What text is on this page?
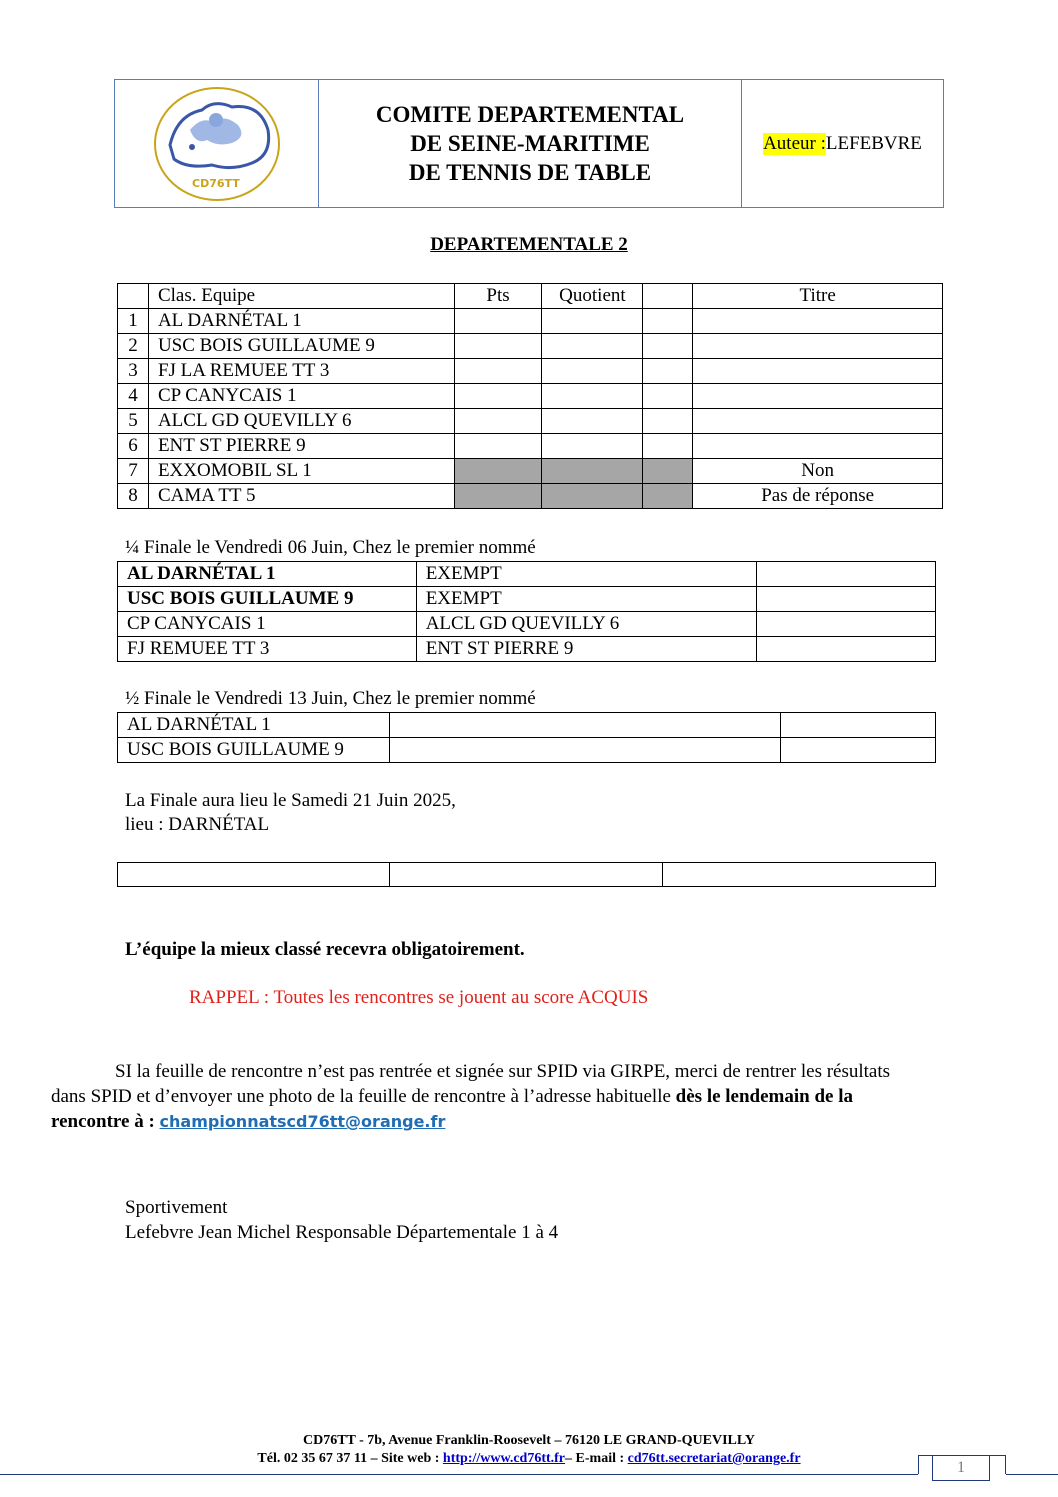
CD76TT
COMITE DEPARTEMENTAL
DE SEINE-MARITIME
DE TENNIS DE TABLE
Auteur : LEFEBVRE
DEPARTEMENTALE 2
	Clas. Equipe	Pts	Quotient		Titre
1	AL DARNÉTAL 1				
2	USC BOIS GUILLAUME 9				
3	FJ LA REMUEE TT 3				
4	CP CANYCAIS 1				
5	ALCL GD QUEVILLY 6				
6	ENT ST PIERRE 9				
7	EXXOMOBIL SL 1				Non
8	CAMA TT 5				Pas de réponse
¼ Finale le Vendredi 06 Juin, Chez le premier nommé
AL DARNÉTAL 1	EXEMPT	
USC BOIS GUILLAUME 9	EXEMPT	
CP CANYCAIS 1	ALCL GD QUEVILLY 6	
FJ REMUEE TT 3	ENT ST PIERRE 9	
½ Finale le Vendredi 13 Juin, Chez le premier nommé
AL DARNÉTAL 1		
USC BOIS GUILLAUME 9		
La Finale aura lieu le Samedi 21 Juin 2025,
lieu : DARNÉTAL

L’équipe la mieux classé recevra obligatoirement.
RAPPEL : Toutes les rencontres se jouent au score ACQUIS
SI la feuille de rencontre n’est pas rentrée et signée sur SPID via GIRPE, merci de rentrer les résultats
dans SPID et d’envoyer une photo de la feuille de rencontre à l’adresse habituelle dès le lendemain de la
rencontre à : championnatscd76tt@orange.fr
Sportivement
Lefebvre Jean Michel Responsable Départementale 1 à 4
CD76TT - 7b, Avenue Franklin-Roosevelt – 76120 LE GRAND-QUEVILLY
Tél. 02 35 67 37 11 – Site web : http://www.cd76tt.fr– E-mail : cd76tt.secretariat@orange.fr
1
